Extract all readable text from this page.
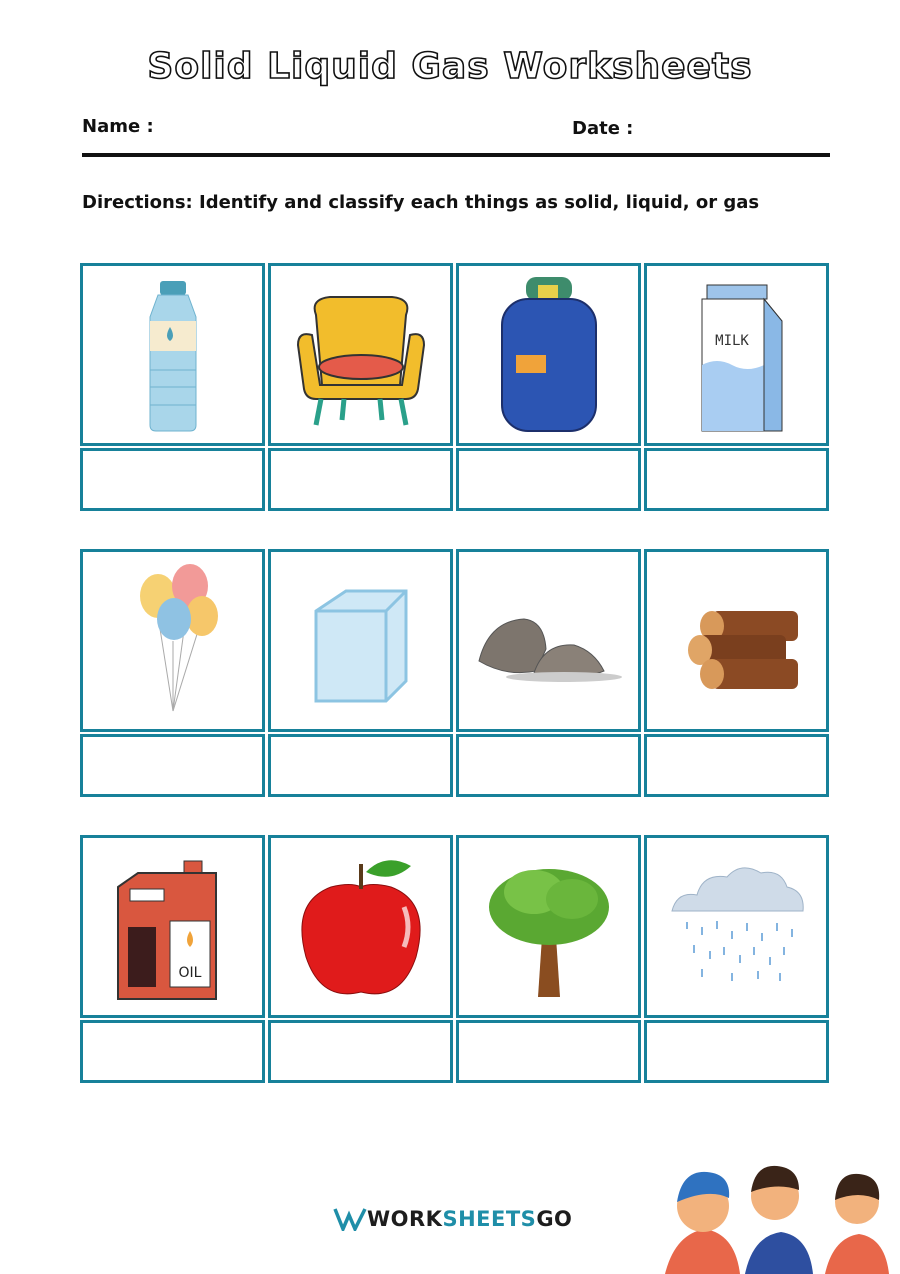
Solid Liquid Gas Worksheets
Name :	Date :
Directions: Identify and classify each things as solid, liquid, or gas
MILK
OIL
WORK SHEETS GO
